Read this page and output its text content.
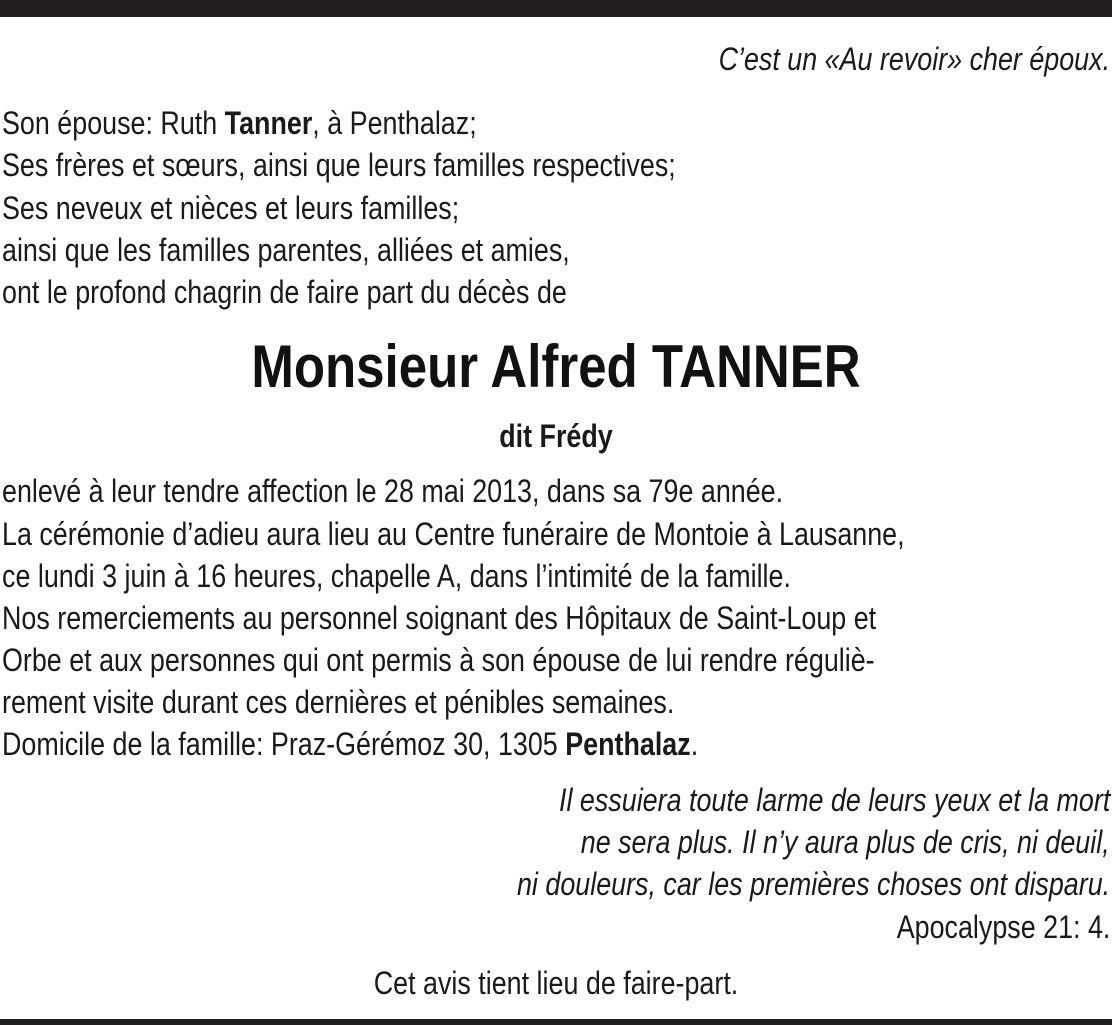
C’est un «Au revoir» cher époux.
Son épouse: Ruth Tanner, à Penthalaz;
Ses frères et sœurs, ainsi que leurs familles respectives;
Ses neveux et nièces et leurs familles;
ainsi que les familles parentes, alliées et amies,
ont le profond chagrin de faire part du décès de
Monsieur Alfred TANNER
dit Frédy
enlevé à leur tendre affection le 28 mai 2013, dans sa 79e année.
La cérémonie d’adieu aura lieu au Centre funéraire de Montoie à Lausanne,
ce lundi 3 juin à 16 heures, chapelle A, dans l’intimité de la famille.
Nos remerciements au personnel soignant des Hôpitaux de Saint-Loup et
Orbe et aux personnes qui ont permis à son épouse de lui rendre réguliè-
rement visite durant ces dernières et pénibles semaines.
Domicile de la famille: Praz-Gérémoz 30, 1305 Penthalaz.
Il essuiera toute larme de leurs yeux et la mort
ne sera plus. Il n’y aura plus de cris, ni deuil,
ni douleurs, car les premières choses ont disparu.
Apocalypse 21: 4.
Cet avis tient lieu de faire-part.
